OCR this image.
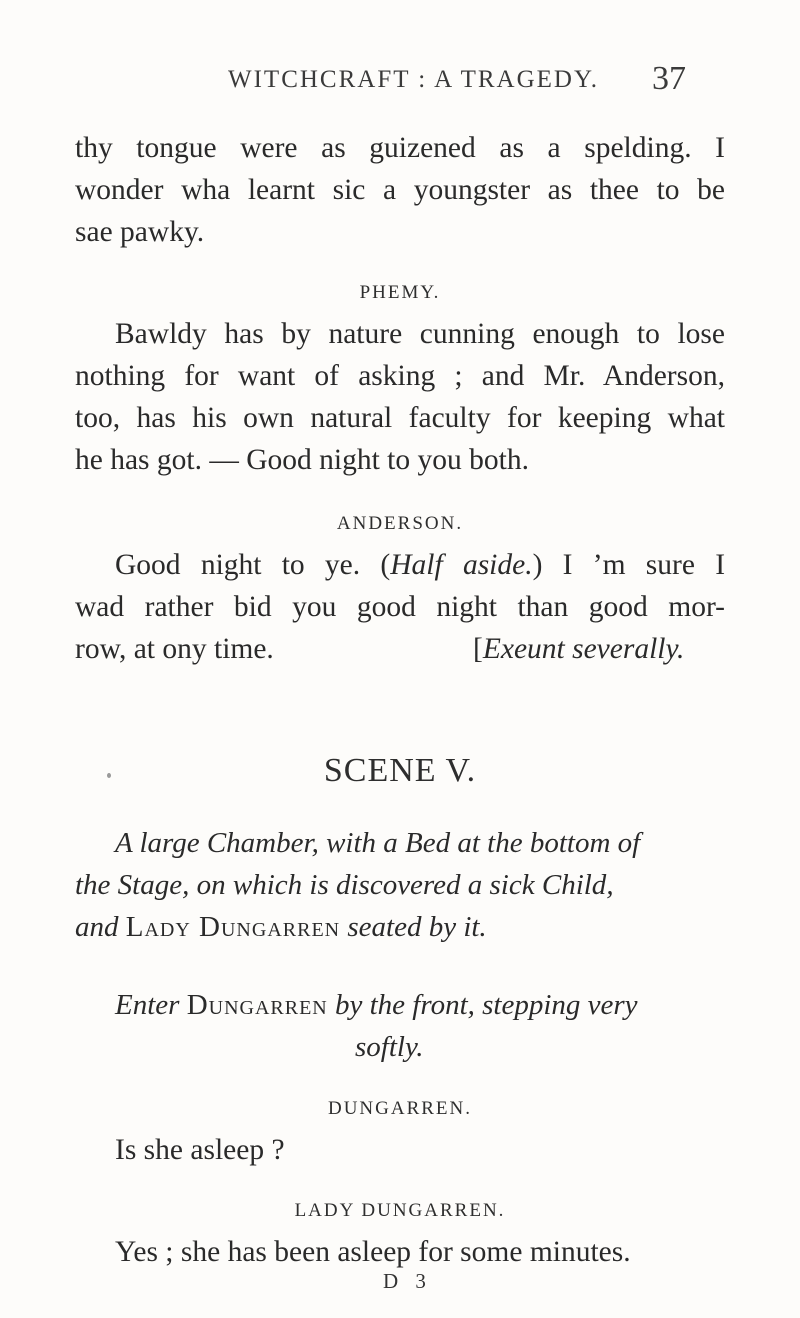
WITCHCRAFT : A TRAGEDY. 37
thy tongue were as guizened as a spelding. I
wonder wha learnt sic a youngster as thee to be
sae pawky.
PHEMY.
Bawldy has by nature cunning enough to lose
nothing for want of asking ; and Mr. Anderson,
too, has his own natural faculty for keeping what
he has got. — Good night to you both.
ANDERSON.
Good night to ye. (Half aside.) I ’m sure I
wad rather bid you good night than good mor-
row, at ony time.	[Exeunt severally.
SCENE V.
A large Chamber, with a Bed at the bottom of
the Stage, on which is discovered a sick Child,
and Lady Dungarren seated by it.
Enter Dungarren by the front, stepping very
softly.
DUNGARREN.
Is she asleep ?
LADY DUNGARREN.
Yes ; she has been asleep for some minutes.
D 3
